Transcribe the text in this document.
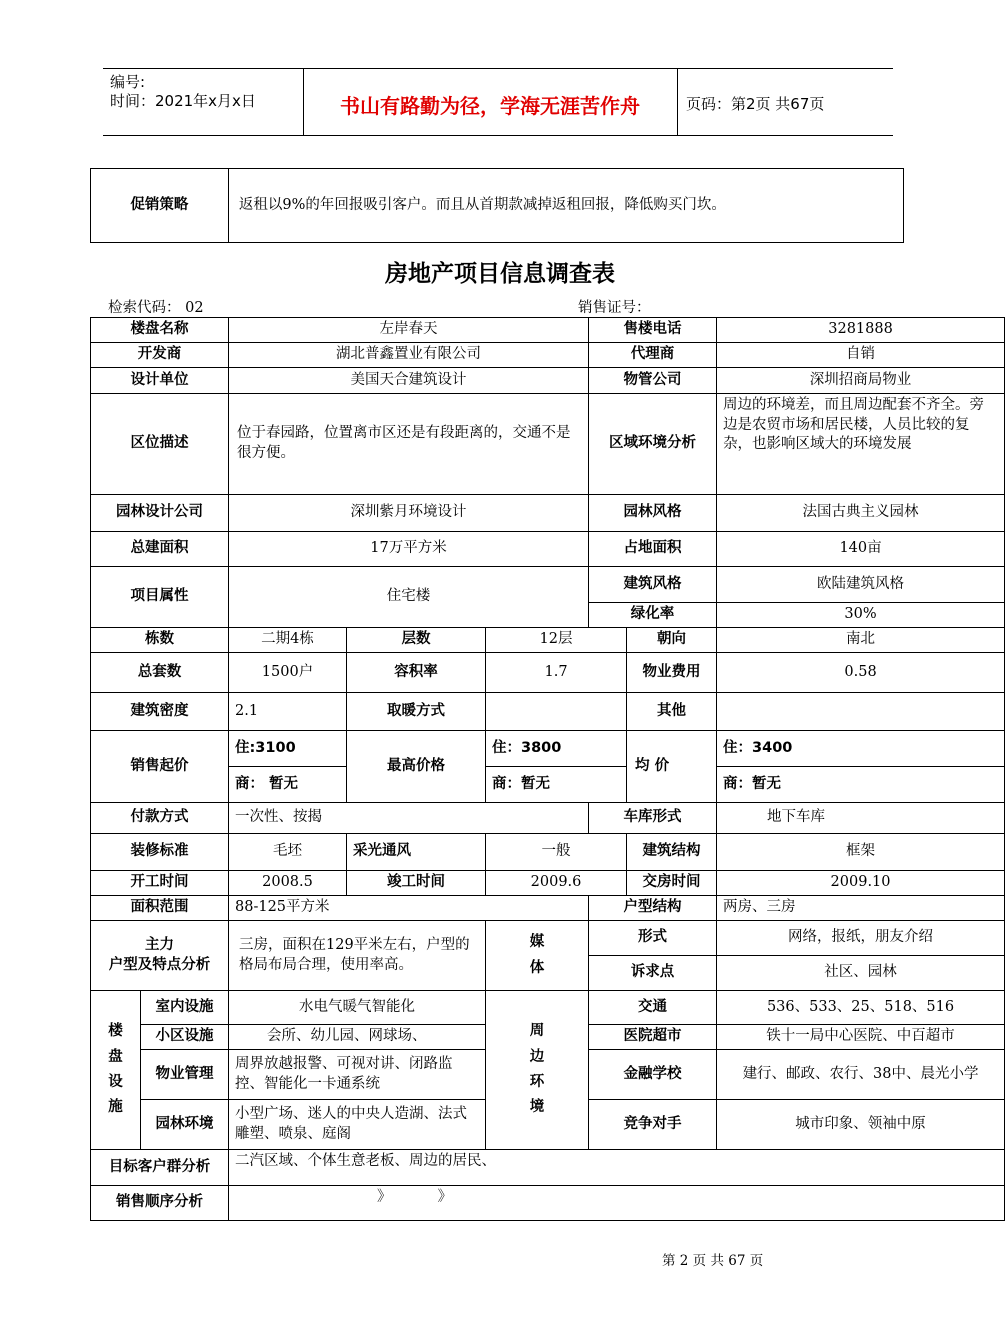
编号:
时间：2021年x月x日	书山有路勤为径，学海无涯苦作舟	页码：第2页 共67页
促销策略	返租以9%的年回报吸引客户。而且从首期款减掉返租回报，降低购买门坎。
房地产项目信息调查表
检索代码： 02	销售证号：
楼盘名称		左岸春天			售楼电话		3281888
开发商		湖北普鑫置业有限公司			代理商		自销
设计单位		美国天合建筑设计			物管公司		深圳招商局物业
区位描述		位于春园路，位置离市区还是有段距离的，交通不是很方便。			区域环境分析		周边的环境差，而且周边配套不齐全。旁边是农贸市场和居民楼，人员比较的复杂，也影响区域大的环境发展
园林设计公司		深圳紫月环境设计			园林风格		法国古典主义园林
总建面积		17万平方米			占地面积		140亩
项目属性		住宅楼			建筑风格		欧陆建筑风格
					绿化率		30%
栋数		二期4栋	层数	12层		朝向	南北
总套数		1500户	容积率	1.7		物业费用	0.58
建筑密度		2.1	取暖方式			其他	
销售起价		住:3100	最高价格	住：3800		均 价	住：3400
		商： 暂无		商：暂无			商：暂无
付款方式		一次性、按揭			车库形式		地下车库
装修标准		毛坯	采光通风	一般		建筑结构	框架
开工时间		2008.5	竣工时间	2009.6		交房时间	2009.10
面积范围		88-125平方米			户型结构		两房、三房

主力
户型及特点分析		三房，面积在129平米左右，户型的格局布局合理，使用率高。		媒体	形式		网络，报纸，朋友介绍
					诉求点		社区、园林

楼盘设施	室内设施	水电气暖气智能化		周边环境	交通		536、533、25、518、516
	小区设施	会所、幼儿园、网球场、			医院超市		铁十一局中心医院、中百超市
	物业管理	周界放越报警、可视对讲、闭路监控、智能化一卡通系统			金融学校		建行、邮政、农行、38中、晨光小学
	园林环境	小型广场、迷人的中央人造湖、法式雕塑、喷泉、庭阁			竞争对手		城市印象、领袖中原
目标客户群分析		二汽区域、个体生意老板、周边的居民、					
销售顺序分析		》          》					
第 2 页 共 67 页
